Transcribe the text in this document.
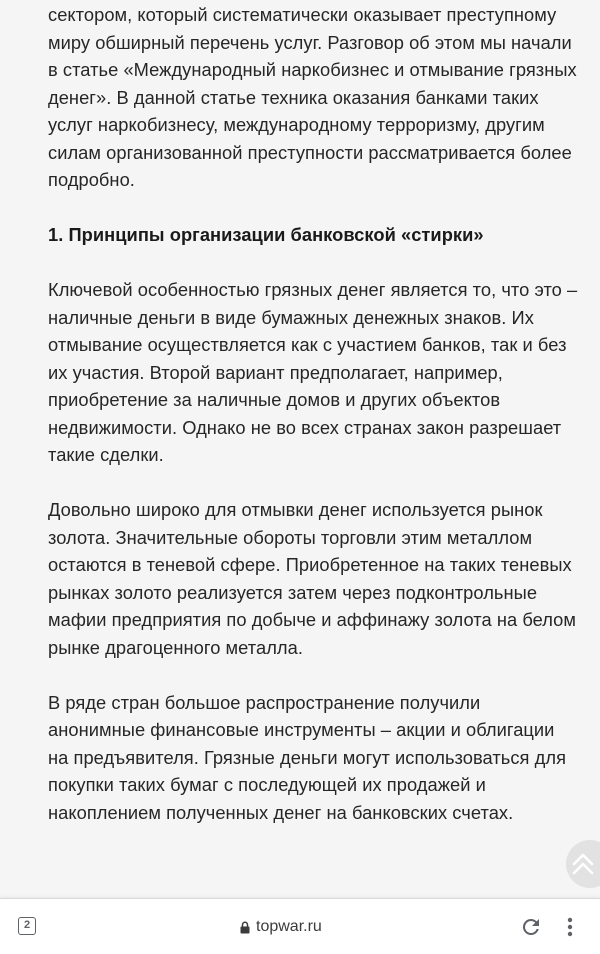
сектором, который систематически оказывает преступному миру обширный перечень услуг. Разговор об этом мы начали в статье «Международный наркобизнес и отмывание грязных денег». В данной статье техника оказания банками таких услуг наркобизнесу, международному терроризму, другим силам организованной преступности рассматривается более подробно.

1. Принципы организации банковской «стирки»

Ключевой особенностью грязных денег является то, что это – наличные деньги в виде бумажных денежных знаков. Их отмывание осуществляется как с участием банков, так и без их участия. Второй вариант предполагает, например, приобретение за наличные домов и других объектов недвижимости. Однако не во всех странах закон разрешает такие сделки.

Довольно широко для отмывки денег используется рынок золота. Значительные обороты торговли этим металлом остаются в теневой сфере. Приобретенное на таких теневых рынках золото реализуется затем через подконтрольные мафии предприятия по добыче и аффинажу золота на белом рынке драгоценного металла.

В ряде стран большое распространение получили анонимные финансовые инструменты – акции и облигации на предъявителя. Грязные деньги могут использоваться для покупки таких бумаг с последующей их продажей и накоплением полученных денег на банковских счетах.

2	topwar.ru
